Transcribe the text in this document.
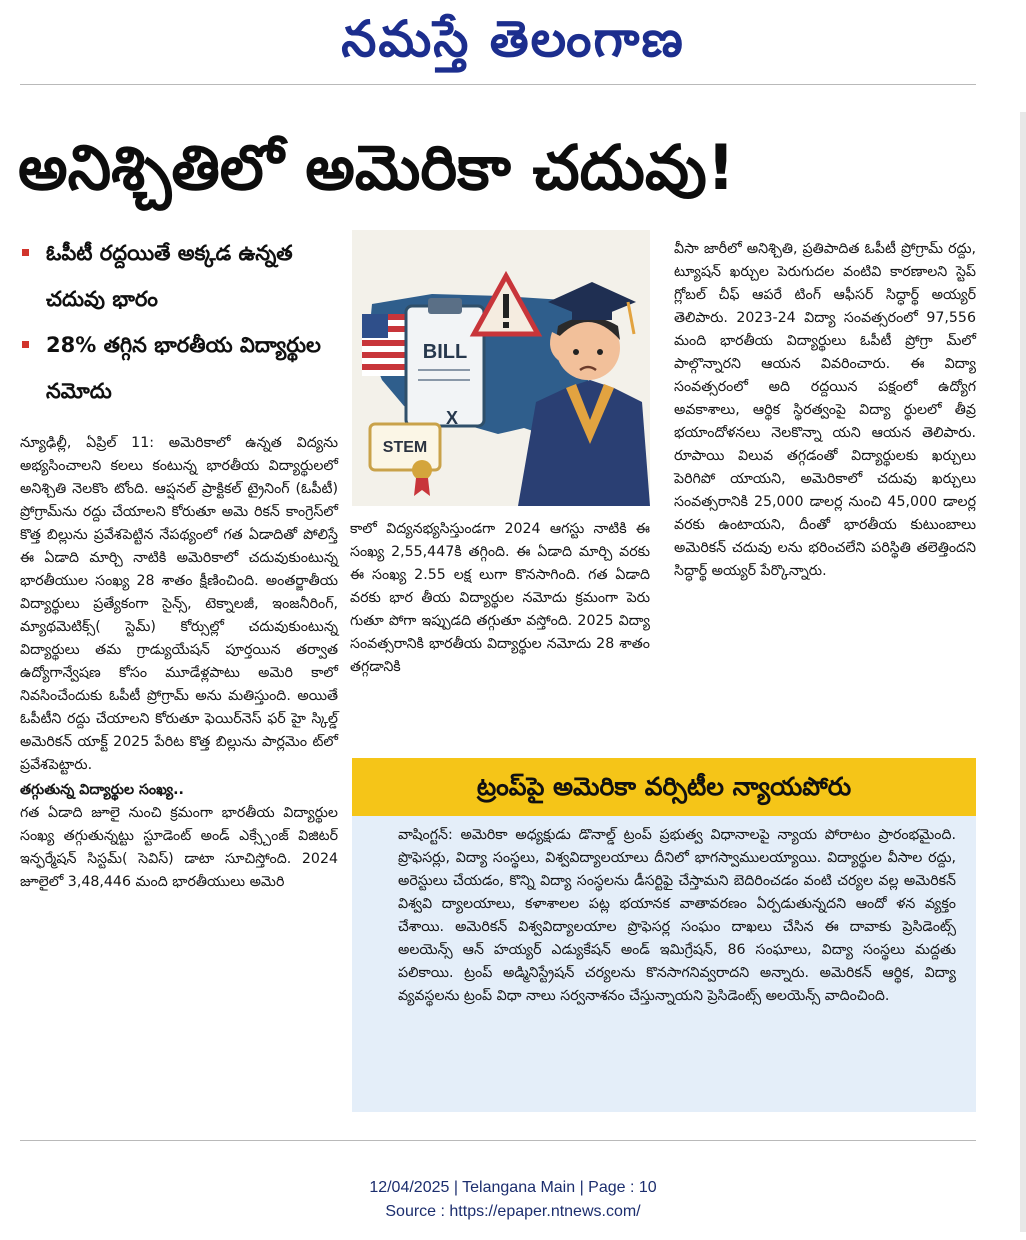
నమస్తే తెలంగాణ
అనిశ్చితిలో అమెరికా చదువు!
ఓపీటీ రద్దయితే అక్కడ ఉన్నత చదువు భారం
28% తగ్గిన భారతీయ విద్యార్థుల నమోదు

న్యూఢిల్లీ, ఏప్రిల్ 11: అమెరికాలో ఉన్నత విద్యను అభ్యసించాలని కలలు కంటున్న భారతీయ విద్యార్థులలో అనిశ్చితి నెలకొం టోంది. ఆప్షనల్ ప్రాక్టికల్ ట్రైనింగ్ (ఓపీటీ) ప్రోగ్రామ్‌ను రద్దు చేయాలని కోరుతూ అమె రికన్ కాంగ్రెస్‌లో కొత్త బిల్లును ప్రవేశపెట్టిన నేపథ్యంలో గత ఏడాదితో పోలిస్తే ఈ ఏడాది మార్చి నాటికి అమెరికాలో చదువుకుంటున్న భారతీయుల సంఖ్య 28 శాతం క్షీణించింది. అంతర్జాతీయ విద్యార్థులు ప్రత్యేకంగా సైన్స్, టెక్నాలజీ, ఇంజనీరింగ్, మ్యాథమెటిక్స్( స్టెమ్) కోర్సుల్లో చదువుకుంటున్న విద్యార్థులు తమ గ్రాడ్యుయేషన్ పూర్తయిన తర్వాత ఉద్యోగాన్వేషణ కోసం మూడేళ్లపాటు అమెరి కాలో నివసించేందుకు ఓపీటీ ప్రోగ్రామ్ అను మతిస్తుంది. అయితే ఓపీటీని రద్దు చేయాలని కోరుతూ ఫెయిర్‌నెస్ ఫర్ హై స్కిల్డ్ అమెరికన్ యాక్ట్ 2025 పేరిట కొత్త బిల్లును పార్లమెం ట్‌లో ప్రవేశపెట్టారు.

తగ్గుతున్న విద్యార్థుల సంఖ్య..

గత ఏడాది జూలై నుంచి క్రమంగా భారతీయ విద్యార్థుల సంఖ్య తగ్గుతున్నట్టు స్టూడెంట్ అండ్ ఎక్స్చేంజ్ విజిటర్ ఇన్ఫర్మేషన్ సిస్టమ్( సెవిస్) డాటా సూచిస్తోంది. 2024 జూలైలో 3,48,446 మంది భారతీయులు అమెరి

BILL
X
STEM
కాలో విద్యనభ్యసిస్తుండగా 2024 ఆగస్టు నాటికి ఈ సంఖ్య 2,55,447కి తగ్గింది. ఈ ఏడాది మార్చి వరకు ఈ సంఖ్య 2.55 లక్ష లుగా కొనసాగింది. గత ఏడాది వరకు భార తీయ విద్యార్థుల నమోదు క్రమంగా పెరు గుతూ పోగా ఇప్పుడది తగ్గుతూ వస్తోంది. 2025 విద్యా సంవత్సరానికి భారతీయ విద్యార్థుల నమోదు 28 శాతం తగ్గడానికి
వీసా జారీలో అనిశ్చితి, ప్రతిపాదిత ఓపీటీ ప్రోగ్రామ్ రద్దు, ట్యూషన్ ఖర్చుల పెరుగుదల వంటివి కారణాలని స్టెప్ గ్లోబల్ చీఫ్ ఆపరే టింగ్ ఆఫీసర్ సిద్ధార్థ్ అయ్యర్ తెలిపారు. 2023-24 విద్యా సంవత్సరంలో 97,556 మంది భారతీయ విద్యార్థులు ఓపీటీ ప్రోగ్రా మ్‌లో పాల్గొన్నారని ఆయన వివరించారు. ఈ విద్యా సంవత్సరంలో అది రద్దయిన పక్షంలో ఉద్యోగ అవకాశాలు, ఆర్థిక స్థిరత్వంపై విద్యా ర్థులలో తీవ్ర భయాందోళనలు నెలకొన్నా యని ఆయన తెలిపారు. రూపాయి విలువ తగ్గడంతో విద్యార్థులకు ఖర్చులు పెరిగిపో యాయని, అమెరికాలో చదువు ఖర్చులు సంవత్సరానికి 25,000 డాలర్ల నుంచి 45,000 డాలర్ల వరకు ఉంటాయని, దీంతో భారతీయ కుటుంబాలు అమెరికన్ చదువు లను భరించలేని పరిస్థితి తలెత్తిందని సిద్ధార్థ్ అయ్యర్ పేర్కొన్నారు.
ట్రంప్‌పై అమెరికా వర్సిటీల న్యాయపోరు
వాషింగ్టన్: అమెరికా అధ్యక్షుడు డొనాల్డ్ ట్రంప్ ప్రభుత్వ విధానాలపై న్యాయ పోరాటం ప్రారంభమైంది. ప్రొఫెసర్లు, విద్యా సంస్థలు, విశ్వవిద్యాలయాలు దీనిలో భాగస్వాములయ్యాయి. విద్యార్థుల వీసాల రద్దు, అరెస్టులు చేయడం, కొన్ని విద్యా సంస్థలను డీసర్టిఫై చేస్తామని బెదిరించడం వంటి చర్యల వల్ల అమెరికన్ విశ్వవి ద్యాలయాలు, కళాశాలల పట్ల భయానక వాతావరణం ఏర్పడుతున్నదని ఆందో ళన వ్యక్తం చేశాయి. అమెరికన్ విశ్వవిద్యాలయాల ప్రొఫెసర్ల సంఘం దాఖలు చేసిన ఈ దావాకు ప్రెసిడెంట్స్ అలయెన్స్ ఆన్ హయ్యర్ ఎడ్యుకేషన్ అండ్ ఇమిగ్రేషన్, 86 సంఘాలు, విద్యా సంస్థలు మద్దతు పలికాయి. ట్రంప్ అడ్మినిస్ట్రేషన్ చర్యలను కొనసాగనివ్వరాదని అన్నారు. అమెరికన్ ఆర్థిక, విద్యా వ్యవస్థలను ట్రంప్ విధా నాలు సర్వనాశనం చేస్తున్నాయని ప్రెసిడెంట్స్ అలయెన్స్ వాదించింది.
12/04/2025 | Telangana Main | Page : 10
Source : https://epaper.ntnews.com/
